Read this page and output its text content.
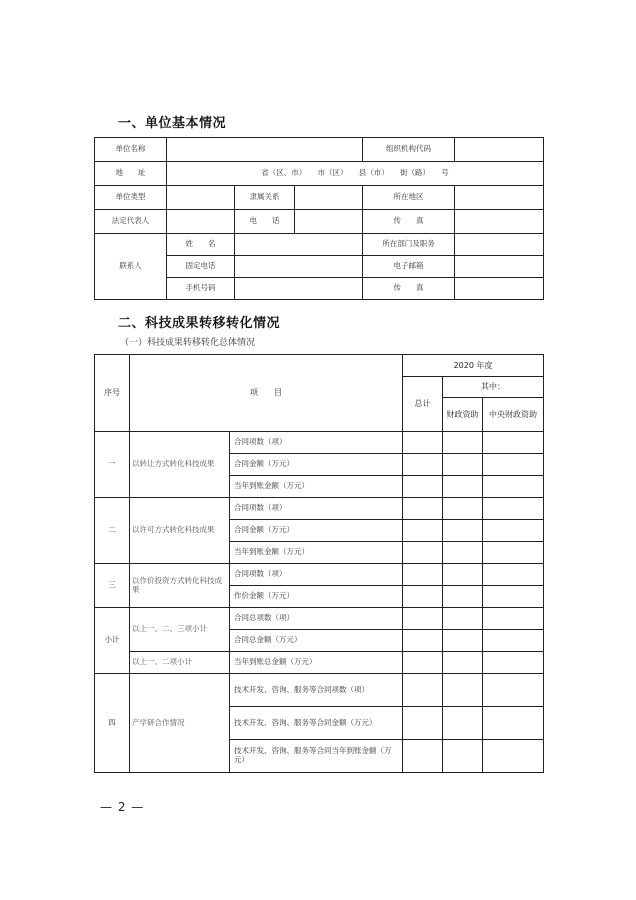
一、单位基本情况
单位名称				组织机构代码	
地　　址	省（区、市）　　市（区）　　县（市）　　街（路）　　号				
单位类型		隶属关系		所在地区	
法定代表人		电　　话		传　　真	
联系人	姓　　名			所在部门及职务	
	固定电话			电子邮箱	
	手机号码			传　　真	
二、科技成果转移转化情况
（一）科技成果转移转化总体情况
序号	项　　目		2020 年度		
			总计	其中：	
				财政资助	中央财政资助
一	以转让方式转化科技成果	合同项数（项）			
		合同金额（万元）			
		当年到账金额（万元）			
二	以许可方式转化科技成果	合同项数（项）			
		合同金额（万元）			
		当年到账金额（万元）			
三	以作价投资方式转化科技成果	合同项数（项）			
		作价金额（万元）			
小计	以上一、二、三项小计	合同总项数（项）			
		合同总金额（万元）			
	以上一、二项小计	当年到账总金额（万元）			
四	产学研合作情况	技术开发、咨询、服务等合同项数（项）			
		技术开发、咨询、服务等合同金额（万元）			
		技术开发、咨询、服务等合同当年到账金额（万元）			
— 2 —
